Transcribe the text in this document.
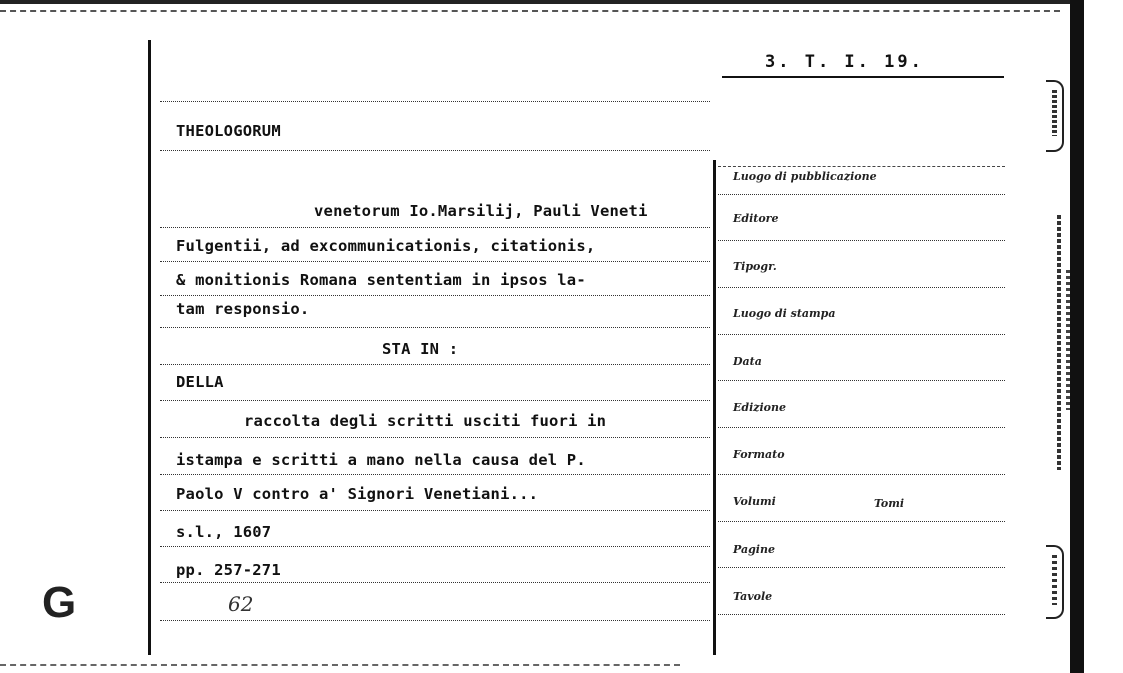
3. T. I. 19.
THEOLOGORUM
venetorum Io.Marsilij, Pauli Veneti
Fulgentii, ad excommunicationis, citationis,
& monitionis Romana sententiam in ipsos la-
tam responsio.
STA IN :
DELLA
raccolta degli scritti usciti fuori in
istampa e scritti a mano nella causa del P.
Paolo V contro a' Signori Venetiani...
s.l., 1607
pp. 257-271
62
G
Luogo di pubblicazione
Editore
Tipogr.
Luogo di stampa
Data
Edizione
Formato
Volumi	Tomi
Pagine
Tavole
